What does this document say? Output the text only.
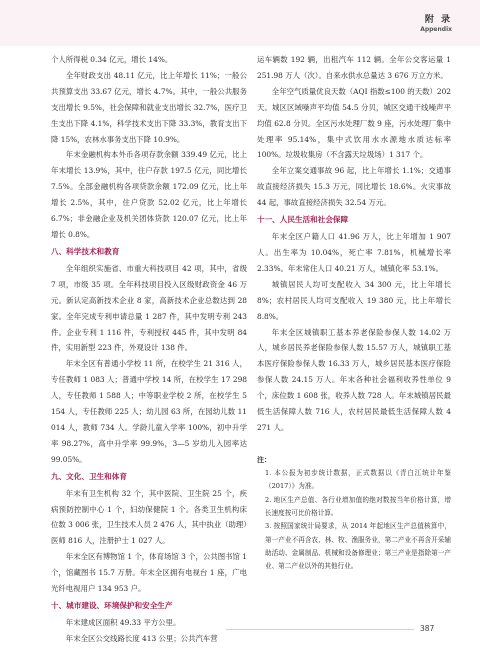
附 录
Appendix

个人所得税 0.34 亿元，增长 14%。

全年财政支出 48.11 亿元，比上年增长 11%；一般公共预算支出 33.67 亿元，增长 4.7%。其中，一般公共服务支出增长 9.5%，社会保障和就业支出增长 32.7%，医疗卫生支出下降 4.1%，科学技术支出下降 33.3%，教育支出下降 15%，农林水事务支出下降 10.9%。

年末金融机构本外币各项存款余额 339.49 亿元，比上年末增长 13.9%，其中，住户存款 197.5 亿元，同比增长 7.5%。全部金融机构各项贷款余额 172.09 亿元，比上年增长 2.5%，其中，住户贷款 52.02 亿元，比上年增长 6.7%；非金融企业及机关团体贷款 120.07 亿元，比上年增长 0.8%。

八、科学技术和教育

全年组织实施省、市重大科技项目 42 项，其中，省级 7 项，市级 35 项。全年科技项目投入区级财政资金 46 万元。新认定高新技术企业 8 家，高新技术企业总数达到 28 家。全年完成专利申请总量 1 287 件，其中发明专利 243 件。企业专利 1 116 件，专利授权 445 件，其中发明 84 件，实用新型 223 件，外观设计 138 件。

年末全区有普通小学校 11 所，在校学生 21 316 人，专任教师 1 083 人；普通中学校 14 所，在校学生 17 298 人，专任教师 1 588 人；中等职业学校 2 所，在校学生 5 154 人，专任教师 225 人；幼儿园 63 所，在园幼儿数 11 014 人，教师 734 人。学龄儿童入学率 100%，初中升学率 98.27%，高中升学率 99.9%，3—5 岁幼儿入园率达 99.05%。

九、文化、卫生和体育

年末有卫生机构 32 个，其中医院、卫生院 25 个，疾病预防控制中心 1 个，妇幼保健院 1 个。各类卫生机构床位数 3 006 张，卫生技术人员 2 476 人，其中执业（助理）医师 816 人，注册护士 1 027 人。

年末全区有博物馆 1 个，体育场馆 3 个，公共图书馆 1 个，馆藏图书 15.7 万册。年末全区拥有电视台 1 座，广电光纤电视用户 134 953 户。

十、城市建设、环境保护和安全生产

年末建成区面积 49.33 平方公里。

年末全区公交线路长度 413 公里；公共汽车营

运车辆数 192 辆，出租汽车 112 辆。全年公交客运量 1 251.98 万人（次）。自来水供水总量达 3 676 万立方米。

全年空气质量优良天数（AQI 指数≤100 的天数）202 天。城区区域噪声平均值 54.5 分贝，城区交通干线噪声平均值 62.8 分贝。全区污水处理厂数 9 座，污水处理厂集中处理率 95.14%，集中式饮用水水源地水质达标率 100%。垃圾收集房（不含露天垃圾场）1 317 个。

全年立案交通事故 96 起，比上年增长 1.1%；交通事故直接经济损失 15.3 万元，同比增长 18.6%。火灾事故 44 起，事故直接经济损失 32.54 万元。

十一、人民生活和社会保障

年末全区户籍人口 41.96 万人，比上年增加 1 907 人。出生率为 10.04%，死亡率 7.81%，机械增长率 2.33%。年末常住人口 40.21 万人，城镇化率 53.1%。

城镇居民人均可支配收入 34 300 元，比上年增长 8%；农村居民人均可支配收入 19 380 元，比上年增长 8.8%。

年末全区城镇职工基本养老保险参保人数 14.02 万人，城乡居民养老保险参保人数 15.57 万人，城镇职工基本医疗保险参保人数 16.33 万人，城乡居民基本医疗保险参保人数 24.15 万人。年末各种社会福利收养性单位 9 个，床位数 1 608 张，收养人数 728 人。年末城镇居民最低生活保障人数 716 人，农村居民最低生活保障人数 4 271 人。

注：

1. 本公报为初步统计数据，正式数据以《青白江统计年鉴（2017）》为准。

2. 地区生产总值、各行业增加值的绝对数按当年价格计算，增长速度按可比价格计算。

3. 按照国家统计局要求，从 2014 年起地区生产总值核算中，第一产业不再含农、林、牧、渔服务业，第二产业不再含开采辅助活动、金属制品、机械和设备修理业；第三产业是指除第一产业、第二产业以外的其他行业。

387
